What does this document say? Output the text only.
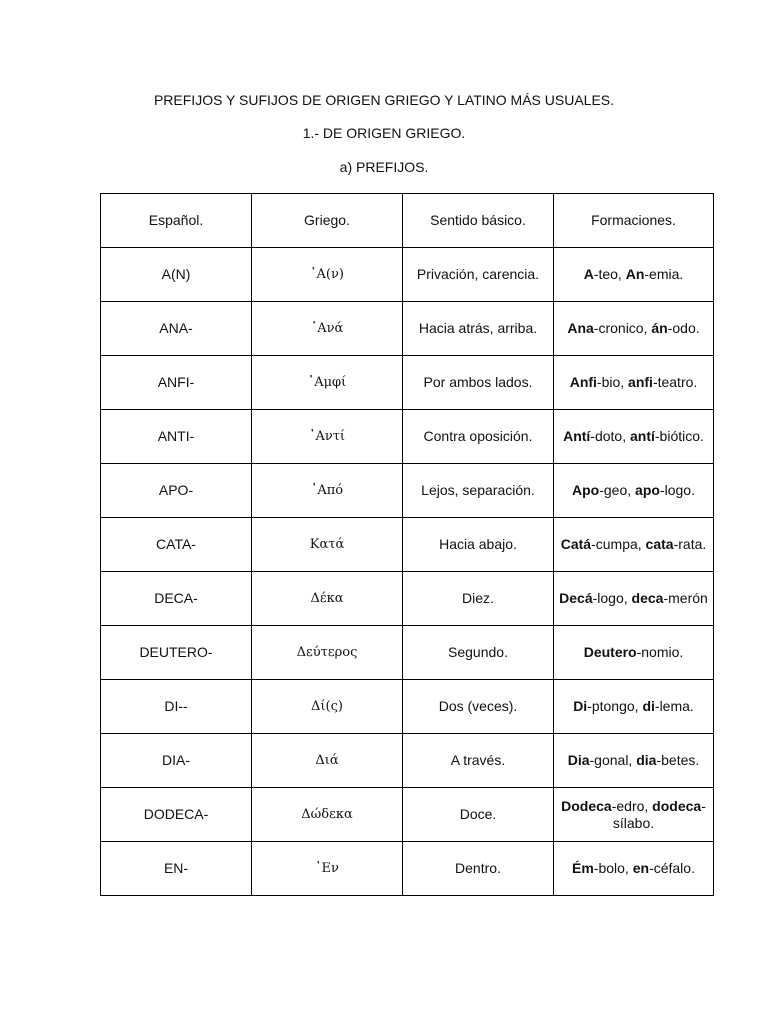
PREFIJOS Y SUFIJOS DE ORIGEN GRIEGO Y LATINO MÁS USUALES.
1.- DE ORIGEN GRIEGO.
a) PREFIJOS.
Español.	Griego.	Sentido básico.	Formaciones.
A(N)	᾿Α(ν)	Privación, carencia.	A-teo, An-emia.
ANA-	᾿Ανά	Hacia atrás, arriba.	Ana-cronico, án-odo.
ANFI-	᾿Αμφί	Por ambos lados.	Anfi-bio, anfi-teatro.
ANTI-	᾿Αντί	Contra oposición.	Antí-doto, antí-biótico.
APO-	᾿Από	Lejos, separación.	Apo-geo, apo-logo.
CATA-	Κατά	Hacia abajo.	Catá-cumpa, cata-rata.
DECA-	Δέκα	Diez.	Decá-logo, deca-merón
DEUTERO-	Δεύτερος	Segundo.	Deutero-nomio.
DI--	Δί(ς)	Dos (veces).	Di-ptongo, di-lema.
DIA-	Διά	A través.	Dia-gonal, dia-betes.
DODECA-	Δώδεκα	Doce.	Dodeca-edro, dodeca-sílabo.
EN-	᾿Εν	Dentro.	Ém-bolo, en-céfalo.
